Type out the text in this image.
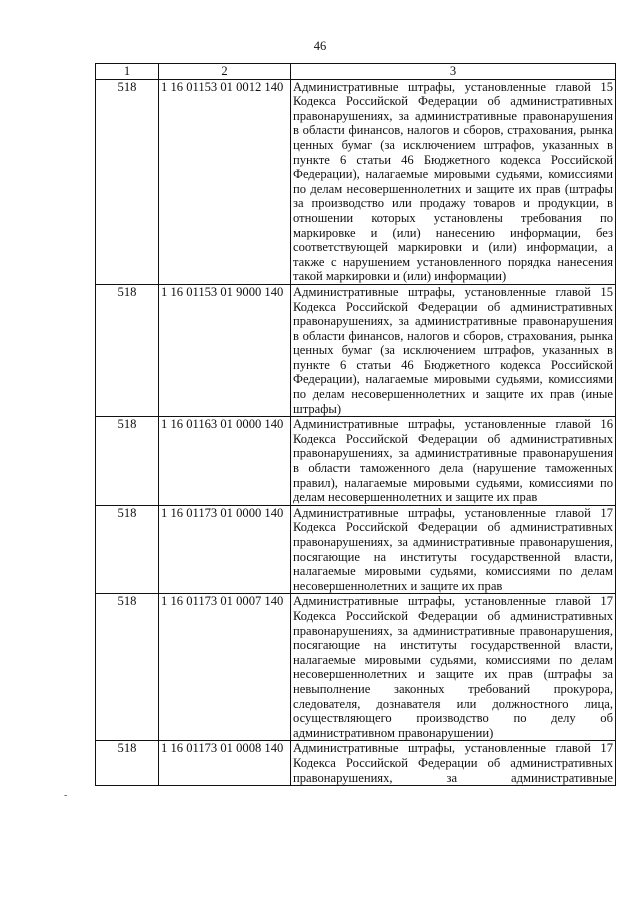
46
1	2	3
518	1 16 01153 01 0012 140	Административные штрафы, установленные главой 15 Кодекса Российской Федерации об административных правонарушениях, за административные правонарушения в области финансов, налогов и сборов, страхования, рынка ценных бумаг (за исключением штрафов, указанных в пункте 6 статьи 46 Бюджетного кодекса Российской Федерации), налагаемые мировыми судьями, комиссиями по делам несовершеннолетних и защите их прав (штрафы за производство или продажу товаров и продукции, в отношении которых установлены требования по маркировке и (или) нанесению информации, без соответствующей маркировки и (или) информации, а также с нарушением установленного порядка нанесения такой маркировки и (или) информации)
518	1 16 01153 01 9000 140	Административные штрафы, установленные главой 15 Кодекса Российской Федерации об административных правонарушениях, за административные правонарушения в области финансов, налогов и сборов, страхования, рынка ценных бумаг (за исключением штрафов, указанных в пункте 6 статьи 46 Бюджетного кодекса Российской Федерации), налагаемые мировыми судьями, комиссиями по делам несовершеннолетних и защите их прав (иные штрафы)
518	1 16 01163 01 0000 140	Административные штрафы, установленные главой 16 Кодекса Российской Федерации об административных правонарушениях, за административные правонарушения в области таможенного дела (нарушение таможенных правил), налагаемые мировыми судьями, комиссиями по делам несовершеннолетних и защите их прав
518	1 16 01173 01 0000 140	Административные штрафы, установленные главой 17 Кодекса Российской Федерации об административных правонарушениях, за административные правонарушения, посягающие на институты государственной власти, налагаемые мировыми судьями, комиссиями по делам несовершеннолетних и защите их прав
518	1 16 01173 01 0007 140	Административные штрафы, установленные главой 17 Кодекса Российской Федерации об административных правонарушениях, за административные правонарушения, посягающие на институты государственной власти, налагаемые мировыми судьями, комиссиями по делам несовершеннолетних и защите их прав (штрафы за невыполнение законных требований прокурора, следователя, дознавателя или должностного лица, осуществляющего производство по делу об административном правонарушении)
518	1 16 01173 01 0008 140	Административные штрафы, установленные главой 17 Кодекса Российской Федерации об административных правонарушениях, за административные
-
